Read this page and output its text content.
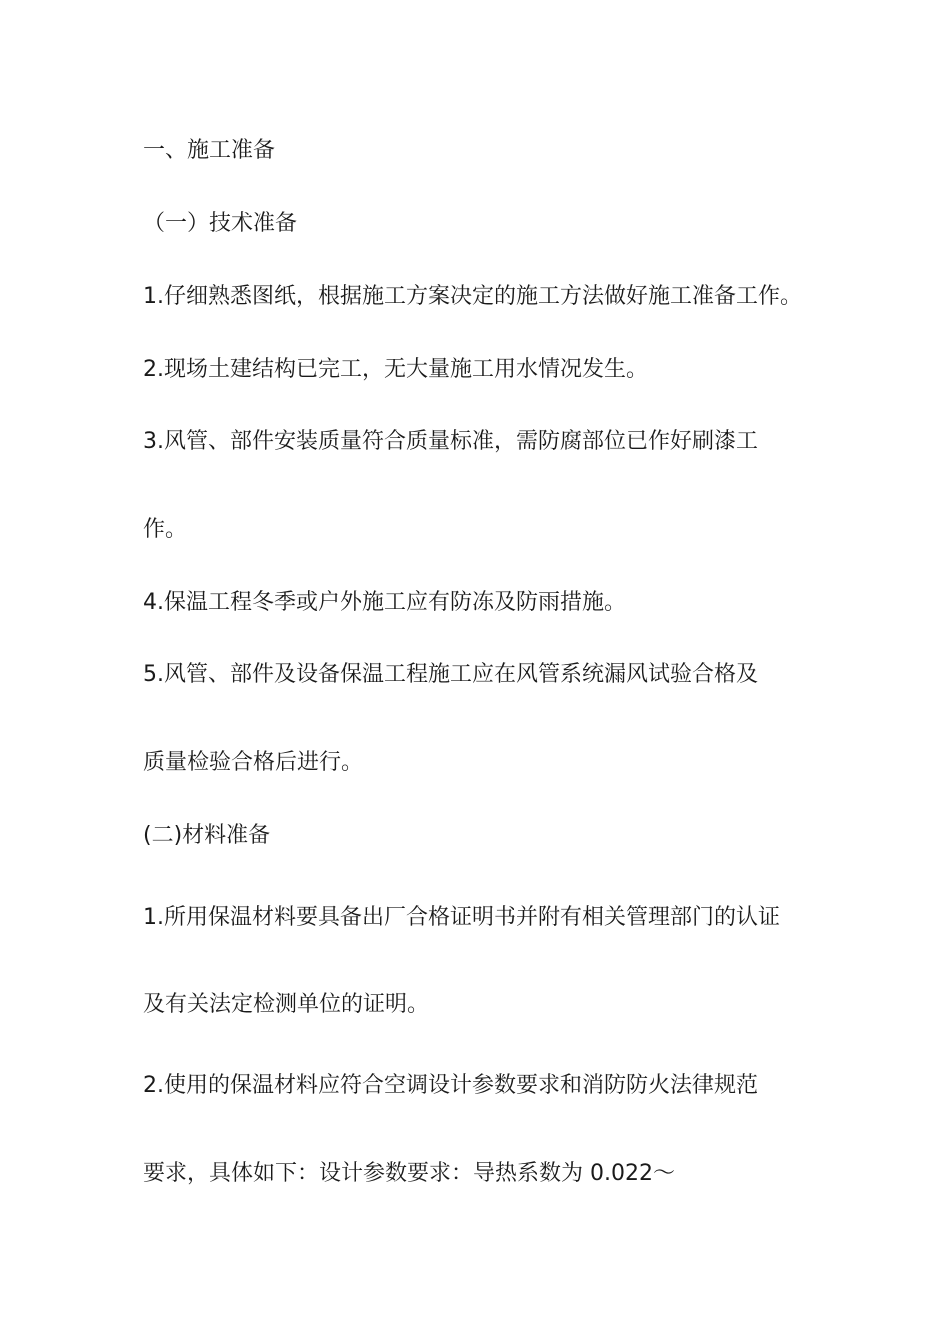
一、施工准备
（一）技术准备
1.仔细熟悉图纸，根据施工方案决定的施工方法做好施工准备工作。
2.现场土建结构已完工，无大量施工用水情况发生。
3.风管、部件安装质量符合质量标准，需防腐部位已作好刷漆工
作。
4.保温工程冬季或户外施工应有防冻及防雨措施。
5.风管、部件及设备保温工程施工应在风管系统漏风试验合格及
质量检验合格后进行。
(二)材料准备
1.所用保温材料要具备出厂合格证明书并附有相关管理部门的认证
及有关法定检测单位的证明。
2.使用的保温材料应符合空调设计参数要求和消防防火法律规范
要求，具体如下：设计参数要求：导热系数为 0.022～
